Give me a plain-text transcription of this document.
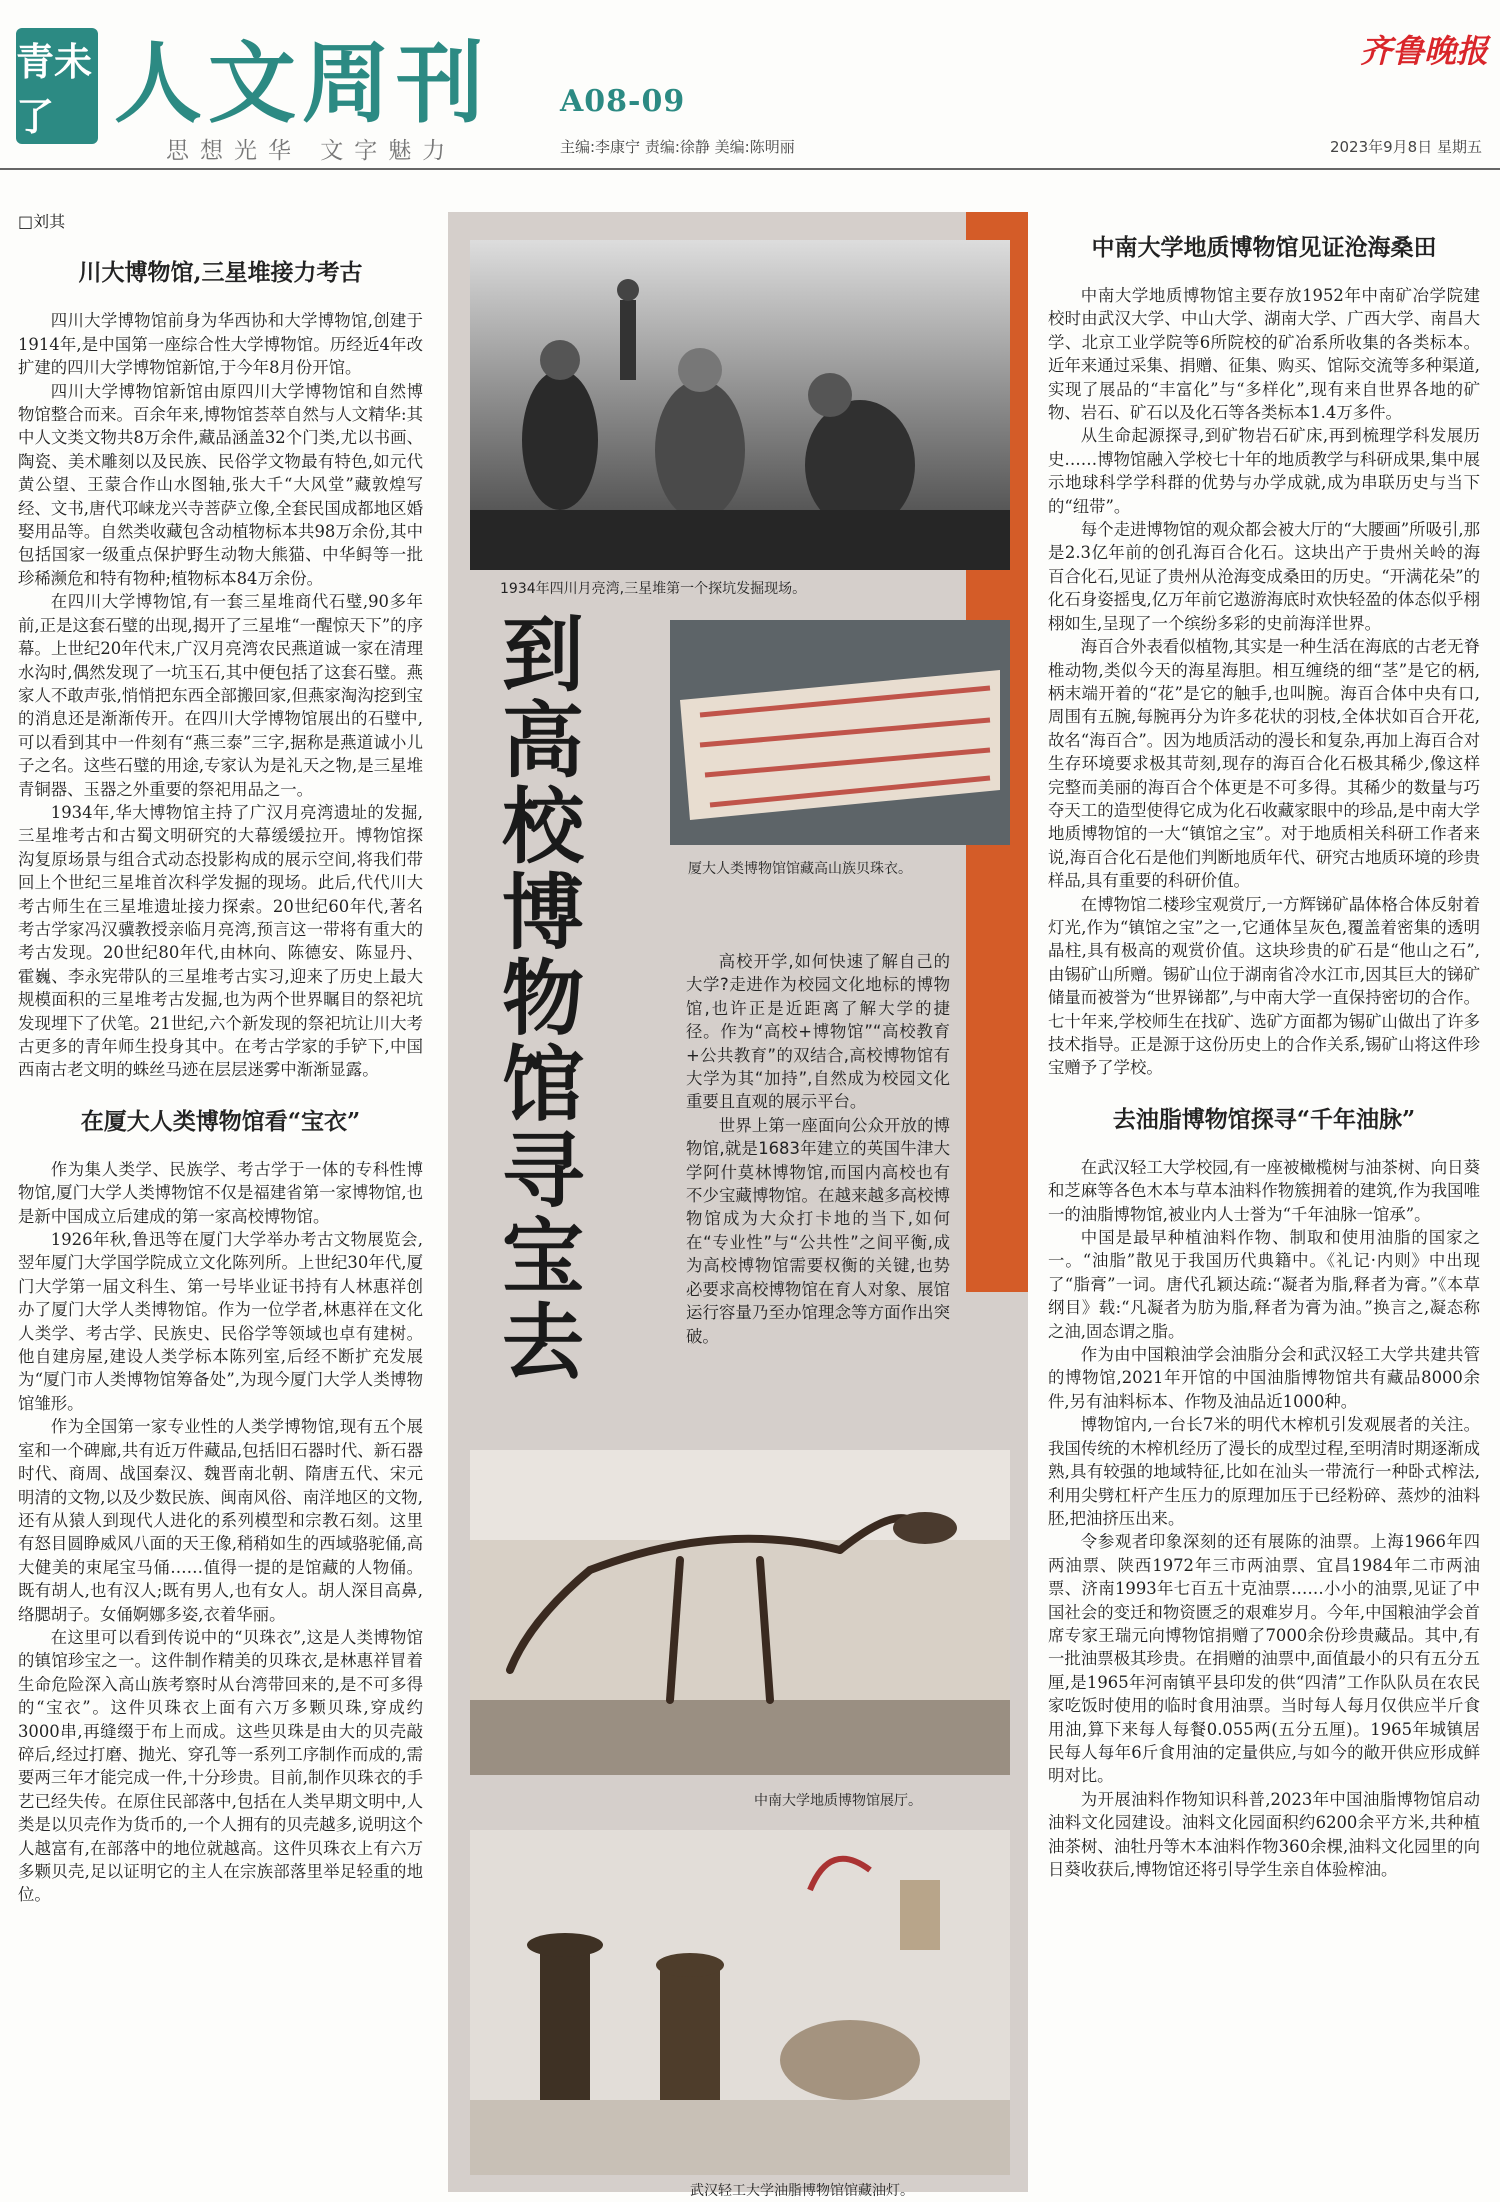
青未了 人文周刊
思想光华 文字魅力
A08-09
主编:李康宁 责编:徐静 美编:陈明丽
齐鲁晚报
2023年9月8日 星期五
□刘其
川大博物馆,三星堆接力考古

四川大学博物馆前身为华西协和大学博物馆,创建于1914年,是中国第一座综合性大学博物馆。历经近4年改扩建的四川大学博物馆新馆,于今年8月份开馆。

四川大学博物馆新馆由原四川大学博物馆和自然博物馆整合而来。百余年来,博物馆荟萃自然与人文精华:其中人文类文物共8万余件,藏品涵盖32个门类,尤以书画、陶瓷、美术雕刻以及民族、民俗学文物最有特色,如元代黄公望、王蒙合作山水图轴,张大千“大风堂”藏敦煌写经、文书,唐代邛崃龙兴寺菩萨立像,全套民国成都地区婚娶用品等。自然类收藏包含动植物标本共98万余份,其中包括国家一级重点保护野生动物大熊猫、中华鲟等一批珍稀濒危和特有物种;植物标本84万余份。

在四川大学博物馆,有一套三星堆商代石璧,90多年前,正是这套石璧的出现,揭开了三星堆“一醒惊天下”的序幕。上世纪20年代末,广汉月亮湾农民燕道诚一家在清理水沟时,偶然发现了一坑玉石,其中便包括了这套石璧。燕家人不敢声张,悄悄把东西全部搬回家,但燕家淘沟挖到宝的消息还是渐渐传开。在四川大学博物馆展出的石璧中,可以看到其中一件刻有“燕三泰”三字,据称是燕道诚小儿子之名。这些石璧的用途,专家认为是礼天之物,是三星堆青铜器、玉器之外重要的祭祀用品之一。

1934年,华大博物馆主持了广汉月亮湾遗址的发掘,三星堆考古和古蜀文明研究的大幕缓缓拉开。博物馆探沟复原场景与组合式动态投影构成的展示空间,将我们带回上个世纪三星堆首次科学发掘的现场。此后,代代川大考古师生在三星堆遗址接力探索。20世纪60年代,著名考古学家冯汉骥教授亲临月亮湾,预言这一带将有重大的考古发现。20世纪80年代,由林向、陈德安、陈显丹、霍巍、李永宪带队的三星堆考古实习,迎来了历史上最大规模面积的三星堆考古发掘,也为两个世界瞩目的祭祀坑发现埋下了伏笔。21世纪,六个新发现的祭祀坑让川大考古更多的青年师生投身其中。在考古学家的手铲下,中国西南古老文明的蛛丝马迹在层层迷雾中渐渐显露。

在厦大人类博物馆看“宝衣”

作为集人类学、民族学、考古学于一体的专科性博物馆,厦门大学人类博物馆不仅是福建省第一家博物馆,也是新中国成立后建成的第一家高校博物馆。

1926年秋,鲁迅等在厦门大学举办考古文物展览会,翌年厦门大学国学院成立文化陈列所。上世纪30年代,厦门大学第一届文科生、第一号毕业证书持有人林惠祥创办了厦门大学人类博物馆。作为一位学者,林惠祥在文化人类学、考古学、民族史、民俗学等领域也卓有建树。他自建房屋,建设人类学标本陈列室,后经不断扩充发展为“厦门市人类博物馆筹备处”,为现今厦门大学人类博物馆雏形。

作为全国第一家专业性的人类学博物馆,现有五个展室和一个碑廊,共有近万件藏品,包括旧石器时代、新石器时代、商周、战国秦汉、魏晋南北朝、隋唐五代、宋元明清的文物,以及少数民族、闽南风俗、南洋地区的文物,还有从猿人到现代人进化的系列模型和宗教石刻。这里有怒目圆睁威风八面的天王像,稍稍如生的西域骆驼俑,高大健美的束尾宝马俑……值得一提的是馆藏的人物俑。既有胡人,也有汉人;既有男人,也有女人。胡人深目高鼻,络腮胡子。女俑婀娜多姿,衣着华丽。

在这里可以看到传说中的“贝珠衣”,这是人类博物馆的镇馆珍宝之一。这件制作精美的贝珠衣,是林惠祥冒着生命危险深入高山族考察时从台湾带回来的,是不可多得的“宝衣”。这件贝珠衣上面有六万多颗贝珠,穿成约3000串,再缝缀于布上而成。这些贝珠是由大的贝壳敲碎后,经过打磨、抛光、穿孔等一系列工序制作而成的,需要两三年才能完成一件,十分珍贵。目前,制作贝珠衣的手艺已经失传。在原住民部落中,包括在人类早期文明中,人类是以贝壳作为货币的,一个人拥有的贝壳越多,说明这个人越富有,在部落中的地位就越高。这件贝珠衣上有六万多颗贝壳,足以证明它的主人在宗族部落里举足轻重的地位。

1934年四川月亮湾,三星堆第一个探坑发掘现场。
厦大人类博物馆馆藏高山族贝珠衣。
到高校博物馆寻宝去

高校开学,如何快速了解自己的大学?走进作为校园文化地标的博物馆,也许正是近距离了解大学的捷径。作为“高校+博物馆”“高校教育+公共教育”的双结合,高校博物馆有大学为其“加持”,自然成为校园文化重要且直观的展示平台。

世界上第一座面向公众开放的博物馆,就是1683年建立的英国牛津大学阿什莫林博物馆,而国内高校也有不少宝藏博物馆。在越来越多高校博物馆成为大众打卡地的当下,如何在“专业性”与“公共性”之间平衡,成为高校博物馆需要权衡的关键,也势必要求高校博物馆在育人对象、展馆运行容量乃至办馆理念等方面作出突破。

中南大学地质博物馆展厅。
武汉轻工大学油脂博物馆馆藏油灯。
中南大学地质博物馆见证沧海桑田

中南大学地质博物馆主要存放1952年中南矿冶学院建校时由武汉大学、中山大学、湖南大学、广西大学、南昌大学、北京工业学院等6所院校的矿冶系所收集的各类标本。近年来通过采集、捐赠、征集、购买、馆际交流等多种渠道,实现了展品的“丰富化”与“多样化”,现有来自世界各地的矿物、岩石、矿石以及化石等各类标本1.4万多件。

从生命起源探寻,到矿物岩石矿床,再到梳理学科发展历史……博物馆融入学校七十年的地质教学与科研成果,集中展示地球科学学科群的优势与办学成就,成为串联历史与当下的“纽带”。

每个走进博物馆的观众都会被大厅的“大腰画”所吸引,那是2.3亿年前的创孔海百合化石。这块出产于贵州关岭的海百合化石,见证了贵州从沧海变成桑田的历史。“开满花朵”的化石身姿摇曳,亿万年前它遨游海底时欢快轻盈的体态似乎栩栩如生,呈现了一个缤纷多彩的史前海洋世界。

海百合外表看似植物,其实是一种生活在海底的古老无脊椎动物,类似今天的海星海胆。相互缠绕的细“茎”是它的柄,柄末端开着的“花”是它的触手,也叫腕。海百合体中央有口,周围有五腕,每腕再分为许多花状的羽枝,全体状如百合开花,故名“海百合”。因为地质活动的漫长和复杂,再加上海百合对生存环境要求极其苛刻,现存的海百合化石极其稀少,像这样完整而美丽的海百合个体更是不可多得。其稀少的数量与巧夺天工的造型使得它成为化石收藏家眼中的珍品,是中南大学地质博物馆的一大“镇馆之宝”。对于地质相关科研工作者来说,海百合化石是他们判断地质年代、研究古地质环境的珍贵样品,具有重要的科研价值。

在博物馆二楼珍宝观赏厅,一方辉锑矿晶体格合体反射着灯光,作为“镇馆之宝”之一,它通体呈灰色,覆盖着密集的透明晶柱,具有极高的观赏价值。这块珍贵的矿石是“他山之石”,由锡矿山所赠。锡矿山位于湖南省冷水江市,因其巨大的锑矿储量而被誉为“世界锑都”,与中南大学一直保持密切的合作。七十年来,学校师生在找矿、选矿方面都为锡矿山做出了许多技术指导。正是源于这份历史上的合作关系,锡矿山将这件珍宝赠予了学校。

去油脂博物馆探寻“千年油脉”

在武汉轻工大学校园,有一座被橄榄树与油茶树、向日葵和芝麻等各色木本与草本油料作物簇拥着的建筑,作为我国唯一的油脂博物馆,被业内人士誉为“千年油脉一馆承”。

中国是最早种植油料作物、制取和使用油脂的国家之一。“油脂”散见于我国历代典籍中。《礼记·内则》中出现了“脂膏”一词。唐代孔颖达疏:“凝者为脂,释者为膏。”《本草纲目》载:“凡凝者为肪为脂,释者为膏为油。”换言之,凝态称之油,固态谓之脂。

作为由中国粮油学会油脂分会和武汉轻工大学共建共管的博物馆,2021年开馆的中国油脂博物馆共有藏品8000余件,另有油料标本、作物及油品近1000种。

博物馆内,一台长7米的明代木榨机引发观展者的关注。我国传统的木榨机经历了漫长的成型过程,至明清时期逐渐成熟,具有较强的地域特征,比如在汕头一带流行一种卧式榨法,利用尖劈杠杆产生压力的原理加压于已经粉碎、蒸炒的油料胚,把油挤压出来。

令参观者印象深刻的还有展陈的油票。上海1966年四两油票、陕西1972年三市两油票、宜昌1984年二市两油票、济南1993年七百五十克油票……小小的油票,见证了中国社会的变迁和物资匮乏的艰难岁月。今年,中国粮油学会首席专家王瑞元向博物馆捐赠了7000余份珍贵藏品。其中,有一批油票极其珍贵。在捐赠的油票中,面值最小的只有五分五厘,是1965年河南镇平县印发的供“四清”工作队队员在农民家吃饭时使用的临时食用油票。当时每人每月仅供应半斤食用油,算下来每人每餐0.055两(五分五厘)。1965年城镇居民每人每年6斤食用油的定量供应,与如今的敞开供应形成鲜明对比。

为开展油料作物知识科普,2023年中国油脂博物馆启动油料文化园建设。油料文化园面积约6200余平方米,共种植油茶树、油牡丹等木本油料作物360余棵,油料文化园里的向日葵收获后,博物馆还将引导学生亲自体验榨油。
